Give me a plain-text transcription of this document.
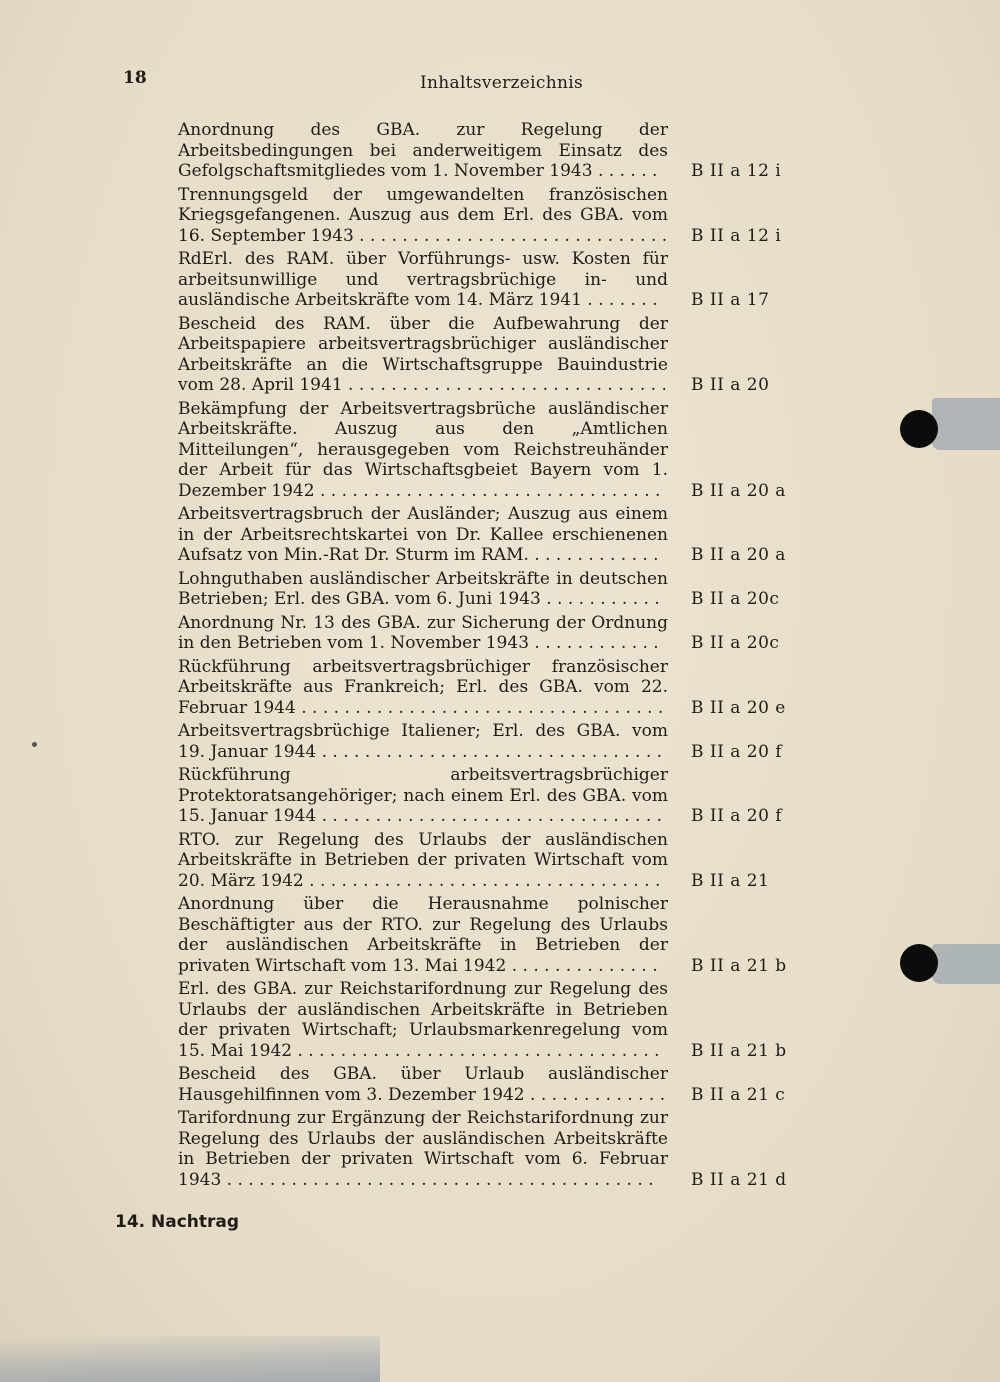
18	Inhaltsverzeichnis
Anordnung des GBA. zur Regelung der Arbeitsbedingungen bei anderweitigem Einsatz des Gefolgschaftsmitgliedes vom 1. November 1943 . . . . . .	B II a 12 i
Trennungsgeld der umgewandelten französischen Kriegsgefangenen. Auszug aus dem Erl. des GBA. vom 16. September 1943 . . . . . . . . . . . . . . . . . . . . . . . . . . . . . B II a 12 i
RdErl. des RAM. über Vorführungs- usw. Kosten für arbeitsunwillige und vertragsbrüchige in- und ausländische Arbeitskräfte vom 14. März 1941 . . . . . . .	B II a 17
Bescheid des RAM. über die Aufbewahrung der Arbeitspapiere arbeitsvertragsbrüchiger ausländischer Arbeitskräfte an die Wirtschaftsgruppe Bauindustrie vom 28. April 1941 . . . . . . . . . . . . . . . . . . . . . . . . . . . . . . B II a 20
Bekämpfung der Arbeitsvertragsbrüche ausländischer Arbeitskräfte. Auszug aus den „Amtlichen Mitteilungen“, herausgegeben vom Reichstreuhänder der Arbeit für das Wirtschaftsgbeiet Bayern vom 1. Dezember 1942 . . . . . . . . . . . . . . . . . . . . . . . . . . . . . . . .	B II a 20 a
Arbeitsvertragsbruch der Ausländer; Auszug aus einem in der Arbeitsrechtskartei von Dr. Kallee erschienenen Aufsatz von Min.-Rat Dr. Sturm im RAM. . . . . . . . . . . . .	B II a 20 a
Lohnguthaben ausländischer Arbeitskräfte in deutschen Betrieben; Erl. des GBA. vom 6. Juni 1943 . . . . . . . . . . .	B II a 20c
Anordnung Nr. 13 des GBA. zur Sicherung der Ordnung in den Betrieben vom 1. November 1943 . . . . . . . . . . . .	B II a 20c
Rückführung arbeitsvertragsbrüchiger französischer Arbeitskräfte aus Frankreich; Erl. des GBA. vom 22. Februar 1944 . . . . . . . . . . . . . . . . . . . . . . . . . . . . . . . . . . B II a 20 e
Arbeitsvertragsbrüchige Italiener; Erl. des GBA. vom 19. Januar 1944 . . . . . . . . . . . . . . . . . . . . . . . . . . . . . . . .	B II a 20 f
Rückführung arbeitsvertragsbrüchiger Protektoratsangehöriger; nach einem Erl. des GBA. vom 15. Januar 1944 . . . . . . . . . . . . . . . . . . . . . . . . . . . . . . . .	B II a 20 f
RTO. zur Regelung des Urlaubs der ausländischen Arbeitskräfte in Betrieben der privaten Wirtschaft vom 20. März 1942 . . . . . . . . . . . . . . . . . . . . . . . . . . . . . . . . .	B II a 21
Anordnung über die Herausnahme polnischer Beschäftigter aus der RTO. zur Regelung des Urlaubs der ausländischen Arbeitskräfte in Betrieben der privaten Wirtschaft vom 13. Mai 1942 . . . . . . . . . . . . . .	B II a 21 b
Erl. des GBA. zur Reichstarifordnung zur Regelung des Urlaubs der ausländischen Arbeitskräfte in Betrieben der privaten Wirtschaft; Urlaubsmarkenregelung vom 15. Mai 1942 . . . . . . . . . . . . . . . . . . . . . . . . . . . . . . . . . .	B II a 21 b
Bescheid des GBA. über Urlaub ausländischer Hausgehilfinnen vom 3. Dezember 1942 . . . . . . . . . . . . . B II a 21 c
Tarifordnung zur Ergänzung der Reichstarifordnung zur Regelung des Urlaubs der ausländischen Arbeitskräfte in Betrieben der privaten Wirtschaft vom 6. Februar 1943 . . . . . . . . . . . . . . . . . . . . . . . . . . . . . . . . . . . . . . . .	B II a 21 d
14. Nachtrag
